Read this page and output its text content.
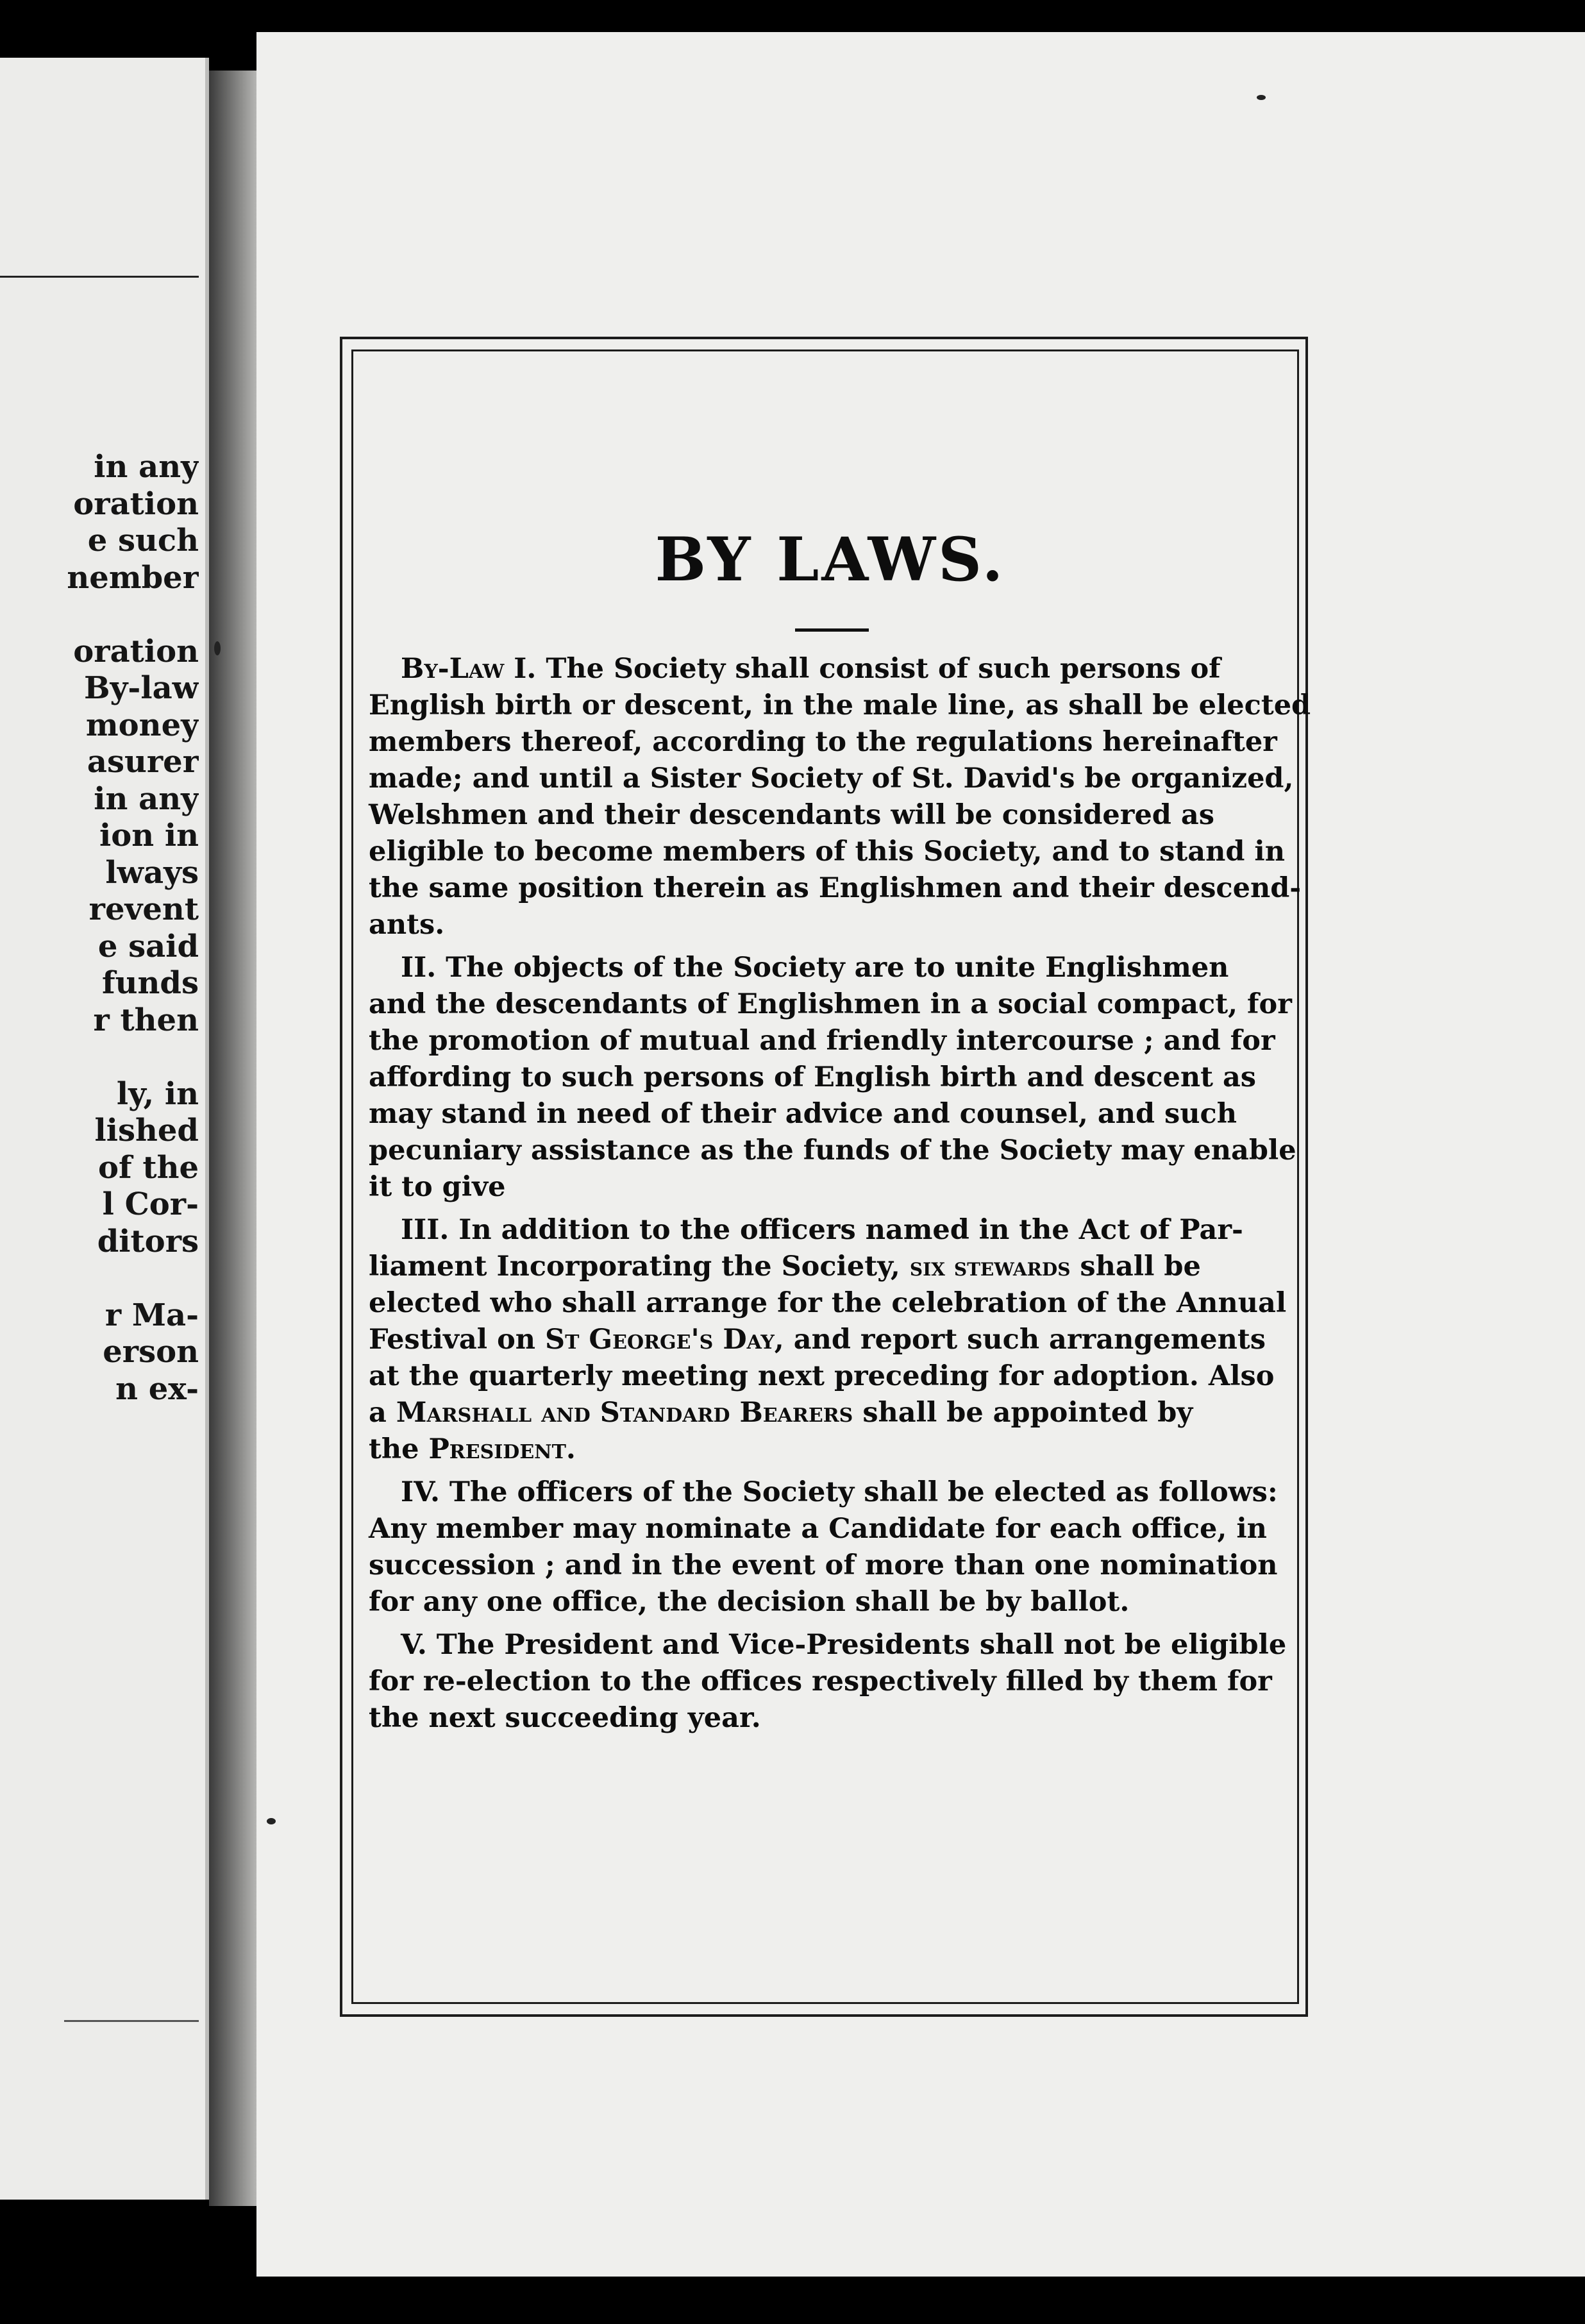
in any
oration
e such
nember

oration
By-law
money
asurer
in any
ion in
lways
revent
e said
funds
r then

ly, in
lished
of the
l Cor-
ditors

r Ma-
erson
n ex-
BY LAWS.
By-Law I. The Society shall consist of such persons of
English birth or descent, in the male line, as shall be elected
members thereof, according to the regulations hereinafter
made; and until a Sister Society of St. David's be organized,
Welshmen and their descendants will be considered as
eligible to become members of this Society, and to stand in
the same position therein as Englishmen and their descend-
ants.
II. The objects of the Society are to unite Englishmen
and the descendants of Englishmen in a social compact, for
the promotion of mutual and friendly intercourse ; and for
affording to such persons of English birth and descent as
may stand in need of their advice and counsel, and such
pecuniary assistance as the funds of the Society may enable
it to give
III. In addition to the officers named in the Act of Par-
liament Incorporating the Society, six stewards shall be
elected who shall arrange for the celebration of the Annual
Festival on St George's Day, and report such arrangements
at the quarterly meeting next preceding for adoption. Also
a Marshall and Standard Bearers shall be appointed by
the President.
IV. The officers of the Society shall be elected as follows:
Any member may nominate a Candidate for each office, in
succession ; and in the event of more than one nomination
for any one office, the decision shall be by ballot.
V. The President and Vice-Presidents shall not be eligible
for re-election to the offices respectively filled by them for
the next succeeding year.
